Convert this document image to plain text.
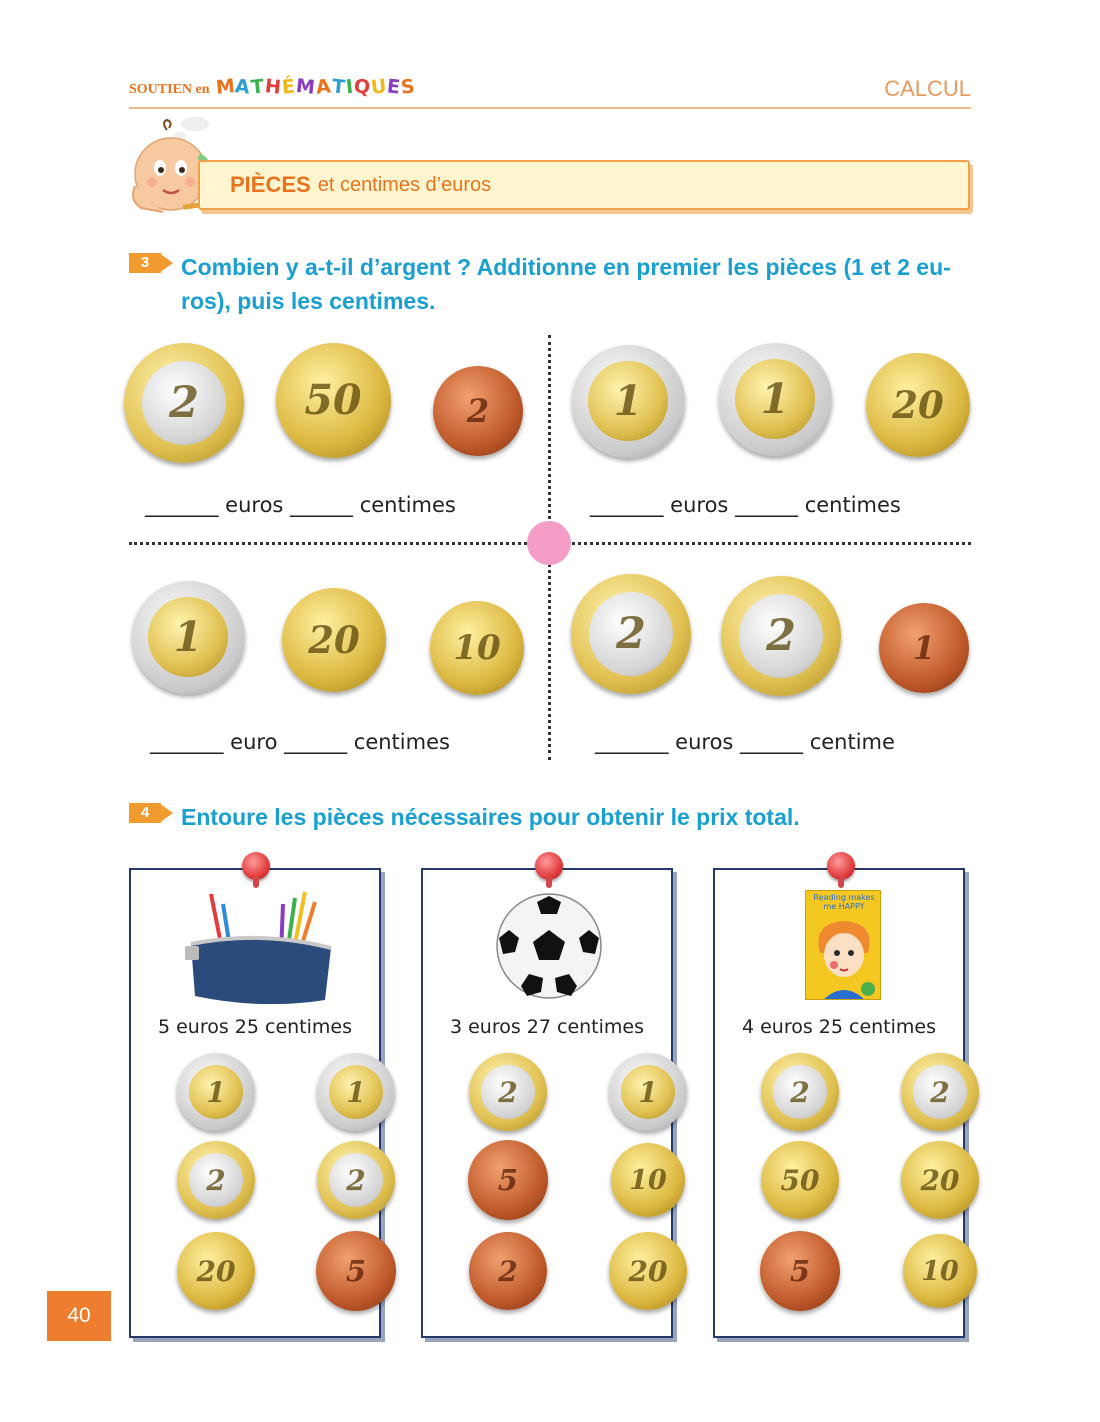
SOUTIEN en MATHÉMATIQUES	CALCUL
PIÈCES et centimes d’euros
3	Combien y a-t-il d’argent ? Additionne en premier les pièces (1 et 2 eu-ros), puis les centimes.
2	50	2	1	1	20
1	20	10	2	2	1
_______ euros ______ centimes	_______ euros ______ centimes
_______ euro ______ centimes	_______ euros ______ centime
4	Entoure les pièces nécessaires pour obtenir le prix total.
5 euros 25 centimes	3 euros 27 centimes
Reading makes me HAPPY
4 euros 25 centimes
1	1
2	2
20	5
2	1
5	10
2	20
2	2
50	20
5	10
40
